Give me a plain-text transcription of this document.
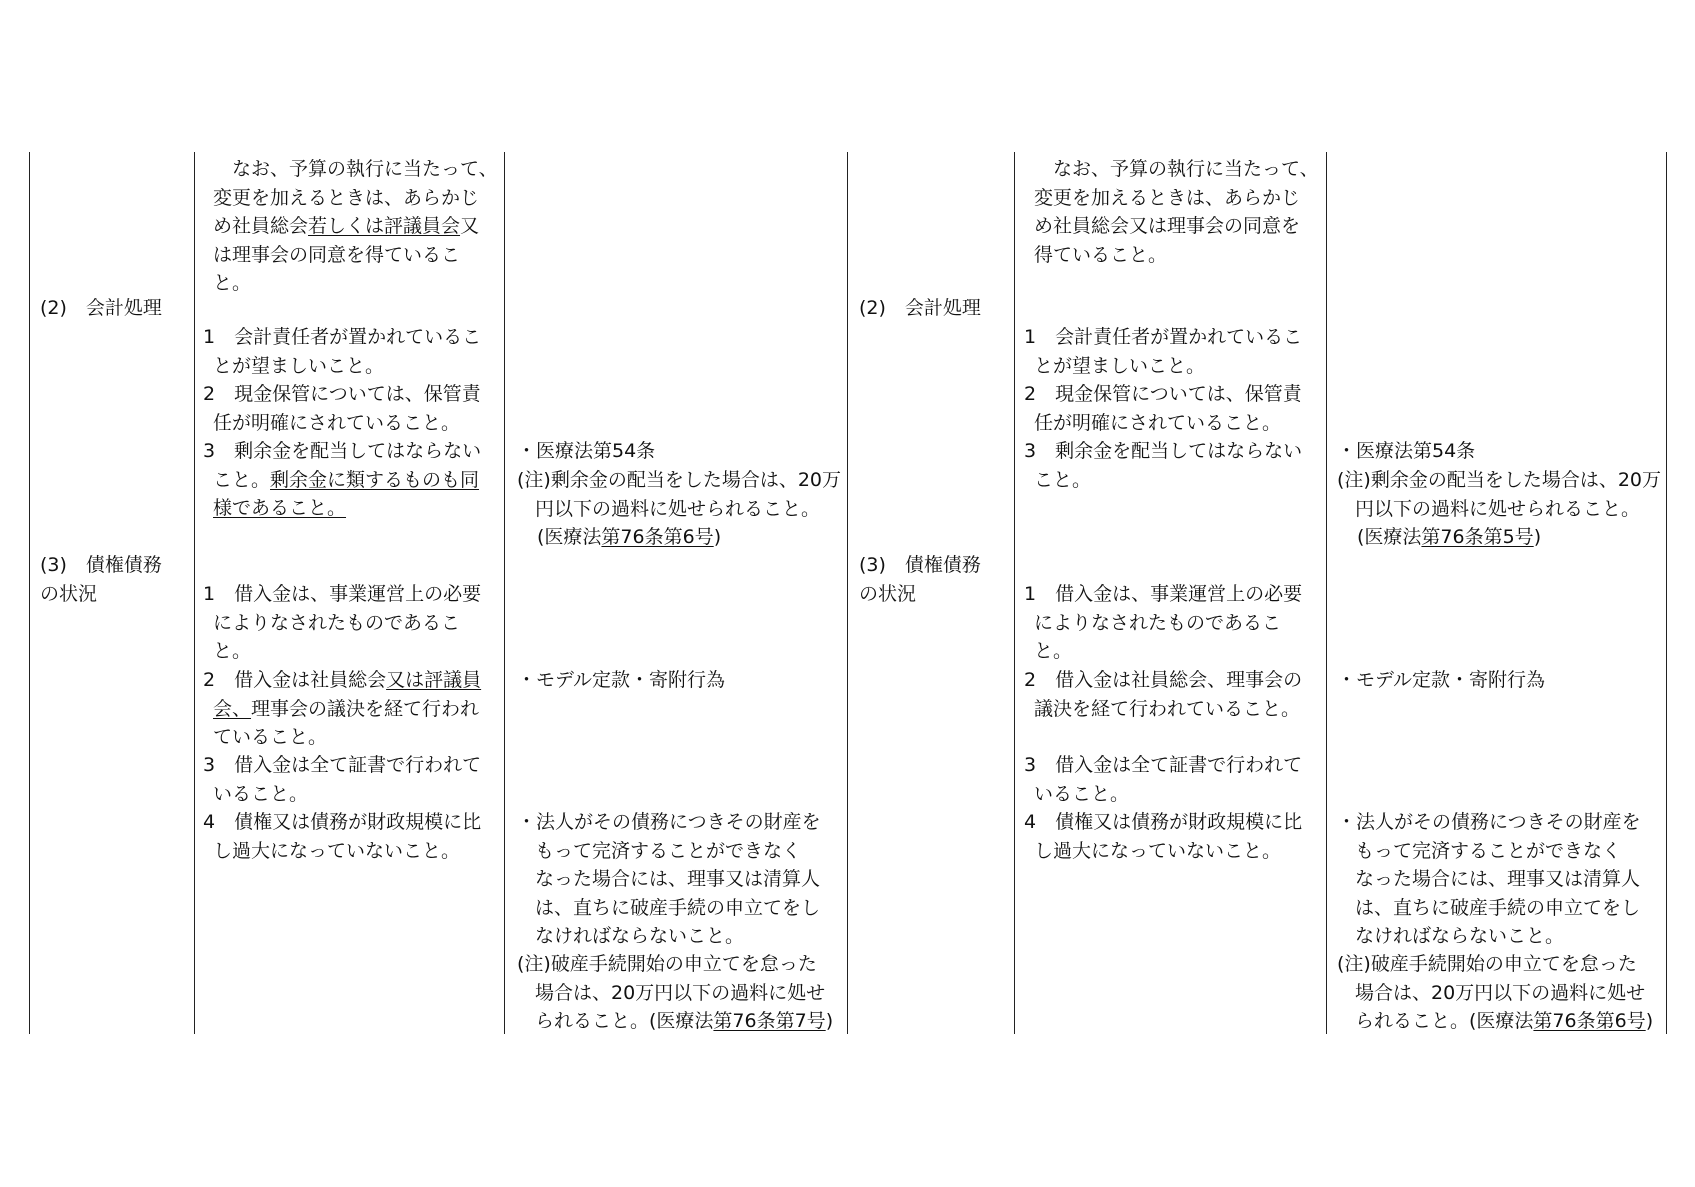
(2)　会計処理
(3)　債権債務
の状況
　なお、予算の執行に当たって、
変更を加えるときは、あらかじ
め社員総会若しくは評議員会又
は理事会の同意を得ているこ
と。
1　会計責任者が置かれているこ
とが望ましいこと。
2　現金保管については、保管責
任が明確にされていること。
3　剰余金を配当してはならない
こと。剰余金に類するものも同
様であること。
1　借入金は、事業運営上の必要
によりなされたものであるこ
と。
2　借入金は社員総会又は評議員
会、理事会の議決を経て行われ
ていること。
3　借入金は全て証書で行われて
いること。
4　債権又は債務が財政規模に比
し過大になっていないこと。
・医療法第54条
(注)剰余金の配当をした場合は、20万
円以下の過料に処せられること。
(医療法第76条第6号)
・モデル定款・寄附行為
・法人がその債務につきその財産を
もって完済することができなく
なった場合には、理事又は清算人
は、直ちに破産手続の申立てをし
なければならないこと。
(注)破産手続開始の申立てを怠った
場合は、20万円以下の過料に処せ
られること。(医療法第76条第7号)
(2)　会計処理
(3)　債権債務
の状況
　なお、予算の執行に当たって、
変更を加えるときは、あらかじ
め社員総会又は理事会の同意を
得ていること。
1　会計責任者が置かれているこ
とが望ましいこと。
2　現金保管については、保管責
任が明確にされていること。
3　剰余金を配当してはならない
こと。
1　借入金は、事業運営上の必要
によりなされたものであるこ
と。
2　借入金は社員総会、理事会の
議決を経て行われていること。
3　借入金は全て証書で行われて
いること。
4　債権又は債務が財政規模に比
し過大になっていないこと。
・医療法第54条
(注)剰余金の配当をした場合は、20万
円以下の過料に処せられること。
(医療法第76条第5号)
・モデル定款・寄附行為
・法人がその債務につきその財産を
もって完済することができなく
なった場合には、理事又は清算人
は、直ちに破産手続の申立てをし
なければならないこと。
(注)破産手続開始の申立てを怠った
場合は、20万円以下の過料に処せ
られること。(医療法第76条第6号)
